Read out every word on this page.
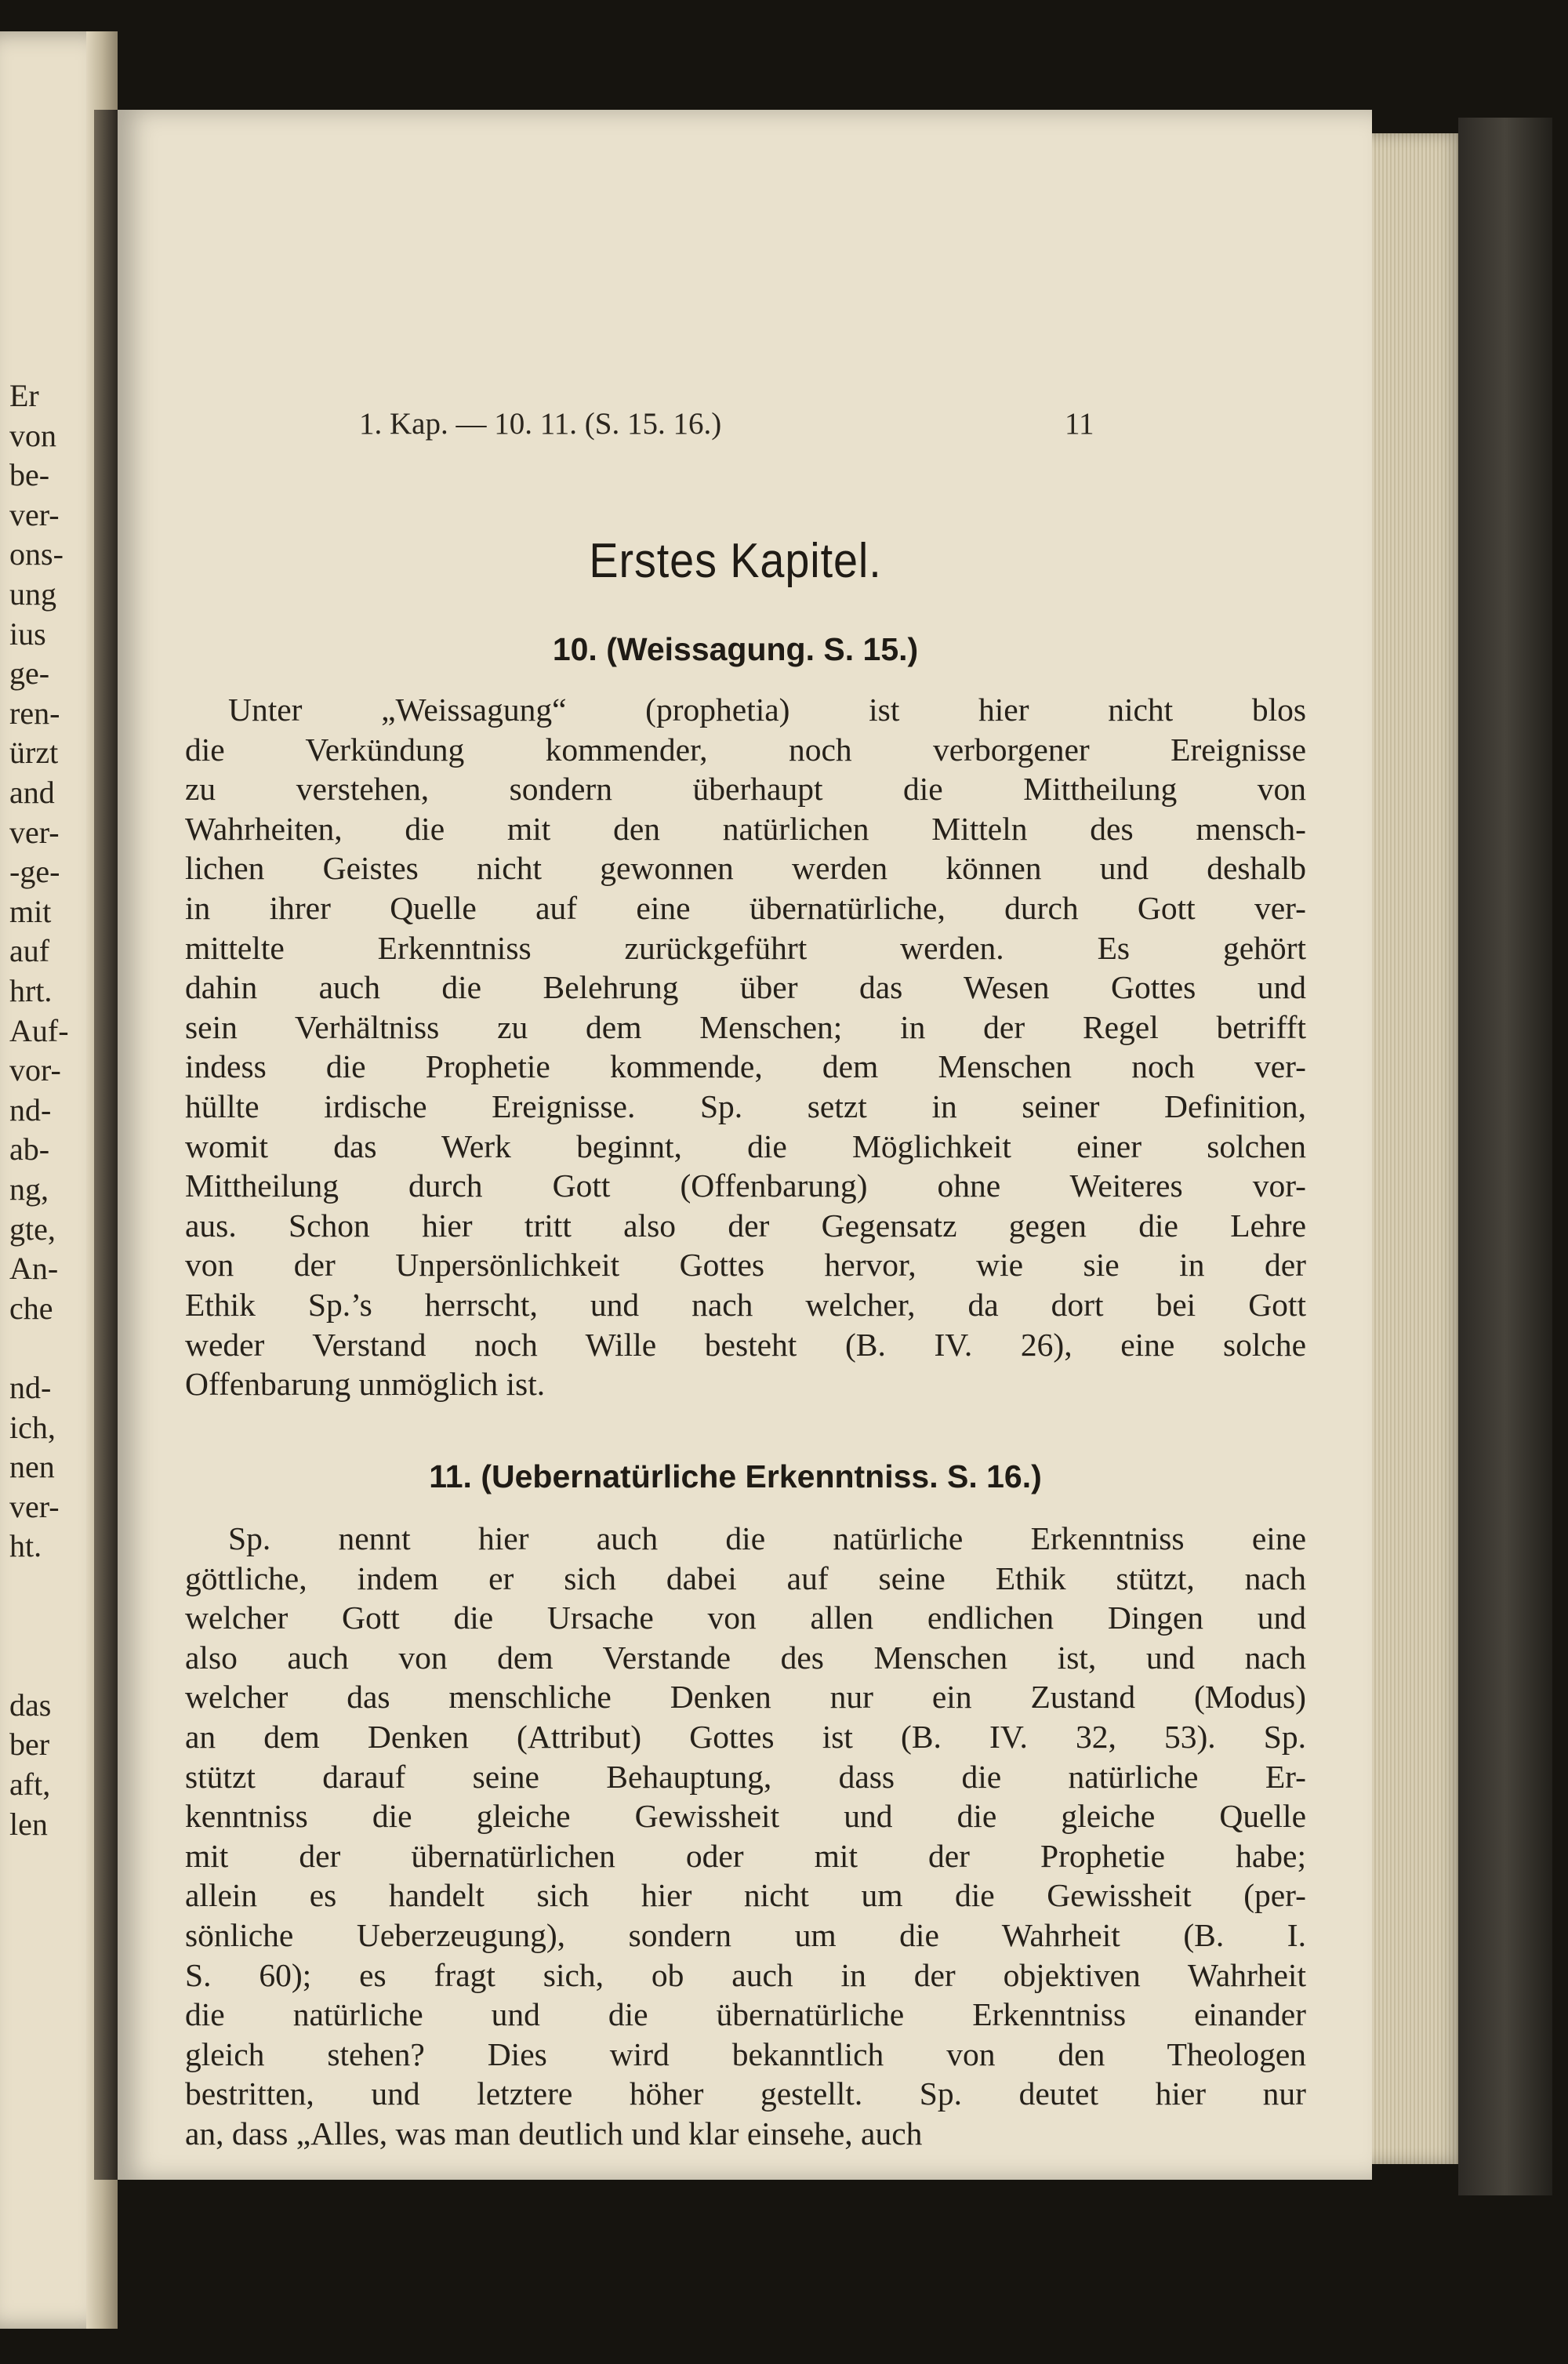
Er
von
be-
ver-
ons-
ung
ius
ge-
ren-
ürzt
and
ver-
-ge-
mit
auf
hrt.
Auf-
vor-
nd-
ab-
ng,
gte,
An-
che
nd-
ich,
nen
ver-
ht.
das
ber
aft,
len
1. Kap. — 10. 11. (S. 15. 16.)	11
Erstes Kapitel.
10. (Weissagung. S. 15.)
Unter „Weissagung“ (prophetia) ist hier nicht blos
die Verkündung kommender, noch verborgener Ereignisse
zu verstehen, sondern überhaupt die Mittheilung von
Wahrheiten, die mit den natürlichen Mitteln des mensch-
lichen Geistes nicht gewonnen werden können und deshalb
in ihrer Quelle auf eine übernatürliche, durch Gott ver-
mittelte Erkenntniss zurückgeführt werden. Es gehört
dahin auch die Belehrung über das Wesen Gottes und
sein Verhältniss zu dem Menschen; in der Regel betrifft
indess die Prophetie kommende, dem Menschen noch ver-
hüllte irdische Ereignisse. Sp. setzt in seiner Definition,
womit das Werk beginnt, die Möglichkeit einer solchen
Mittheilung durch Gott (Offenbarung) ohne Weiteres vor-
aus. Schon hier tritt also der Gegensatz gegen die Lehre
von der Unpersönlichkeit Gottes hervor, wie sie in der
Ethik Sp.’s herrscht, und nach welcher, da dort bei Gott
weder Verstand noch Wille besteht (B. IV. 26), eine solche
Offenbarung unmöglich ist.
11. (Uebernatürliche Erkenntniss. S. 16.)
Sp. nennt hier auch die natürliche Erkenntniss eine
göttliche, indem er sich dabei auf seine Ethik stützt, nach
welcher Gott die Ursache von allen endlichen Dingen und
also auch von dem Verstande des Menschen ist, und nach
welcher das menschliche Denken nur ein Zustand (Modus)
an dem Denken (Attribut) Gottes ist (B. IV. 32, 53). Sp.
stützt darauf seine Behauptung, dass die natürliche Er-
kenntniss die gleiche Gewissheit und die gleiche Quelle
mit der übernatürlichen oder mit der Prophetie habe;
allein es handelt sich hier nicht um die Gewissheit (per-
sönliche Ueberzeugung), sondern um die Wahrheit (B. I.
S. 60); es fragt sich, ob auch in der objektiven Wahrheit
die natürliche und die übernatürliche Erkenntniss einander
gleich stehen? Dies wird bekanntlich von den Theologen
bestritten, und letztere höher gestellt. Sp. deutet hier nur
an, dass „Alles, was man deutlich und klar einsehe, auch
